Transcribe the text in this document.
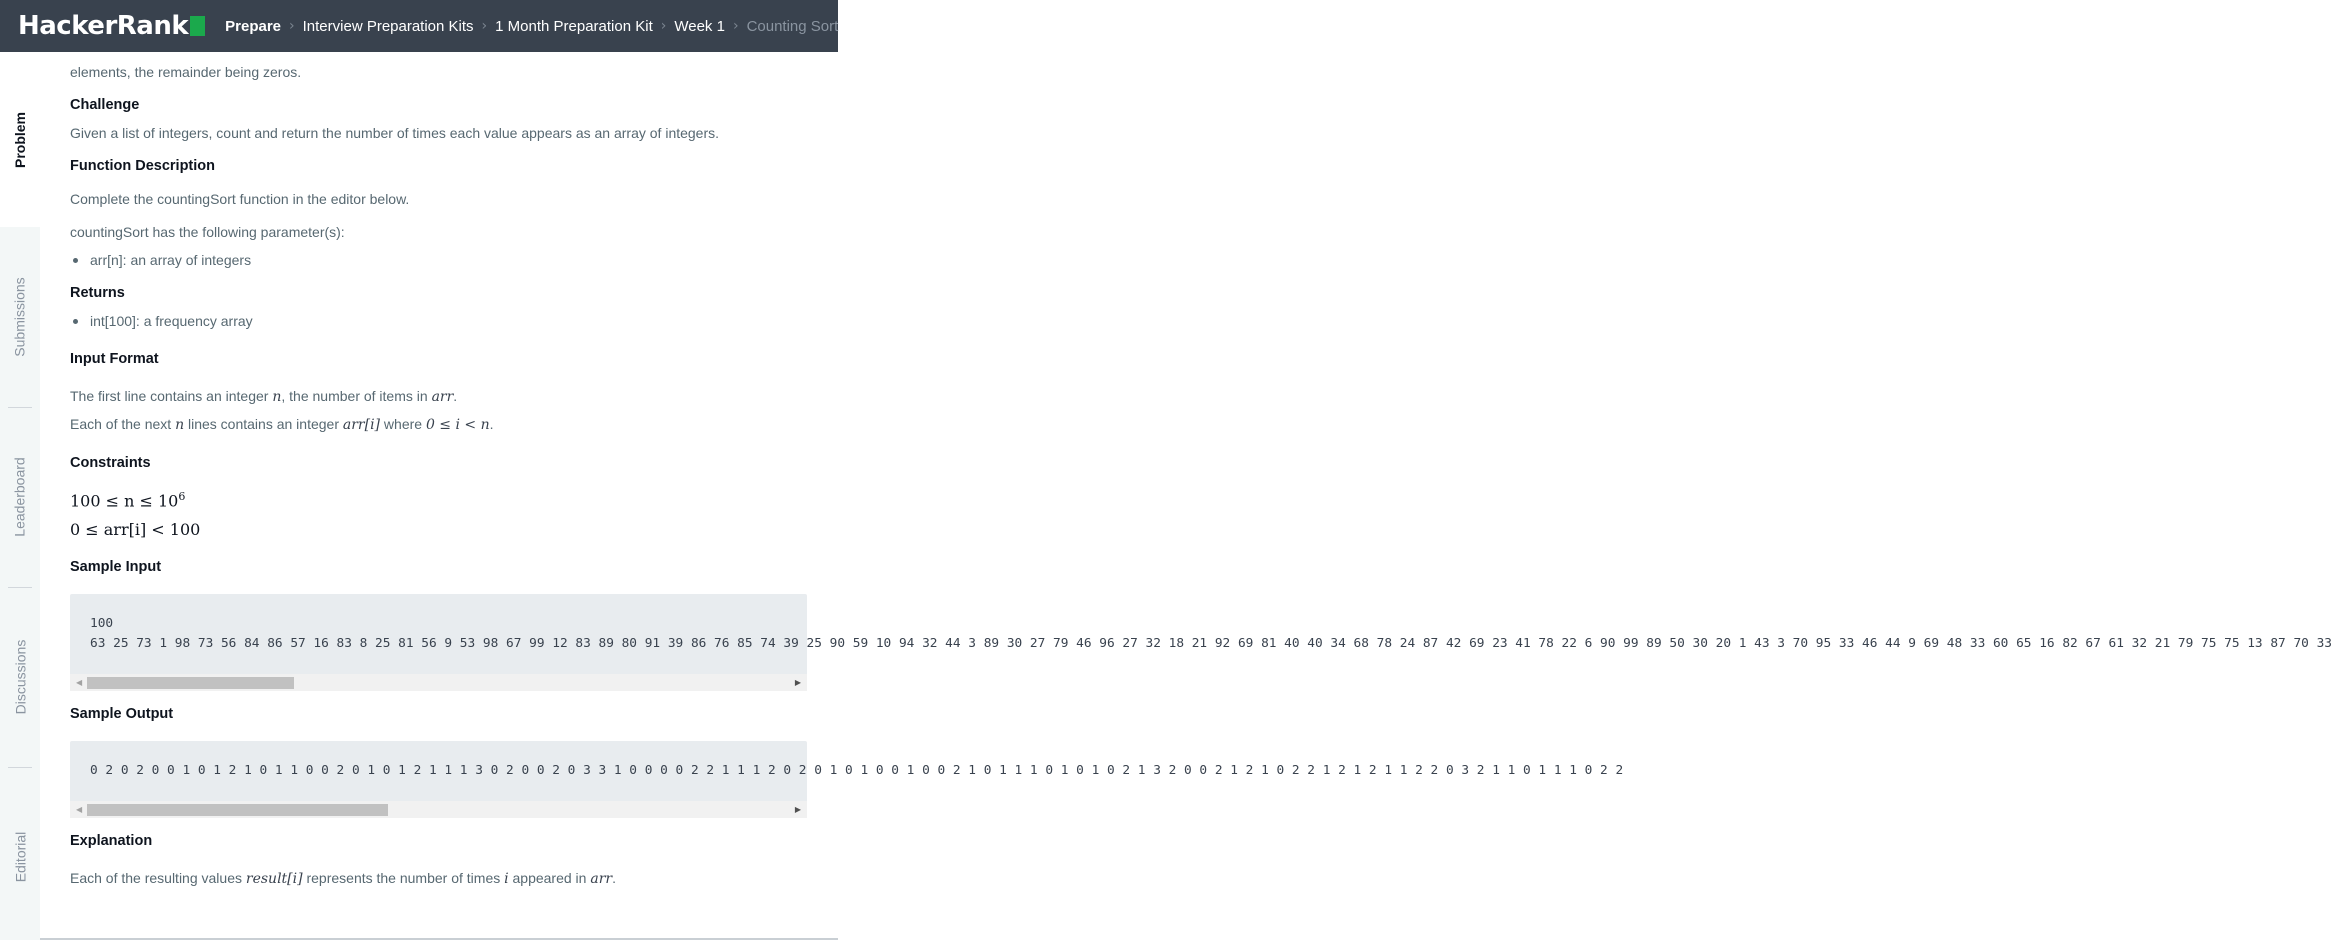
HackerRank Prepare › Interview Preparation Kits › 1 Month Preparation Kit › Week 1 › Counting Sort
Problem
Submissions
Leaderboard
Discussions
Editorial
elements, the remainder being zeros.
Challenge
Given a list of integers, count and return the number of times each value appears as an array of integers.
Function Description
Complete the countingSort function in the editor below.
countingSort has the following parameter(s):
arr[n]: an array of integers
Returns
int[100]: a frequency array
Input Format
The first line contains an integer n, the number of items in arr.
Each of the next n lines contains an integer arr[i] where 0 ≤ i < n.
Constraints
$100 \le n \le 10^6$
0 ≤ arr[i] < 100
Sample Input
100
63 25 73 1 98 73 56 84 86 57 16 83 8 25 81 56 9 53 98 67 99 12 83 89 80 91 39 86 76 85 74 39 25 90 59 10 94 32 44 3 89 30 27 79 46 96 27 32 18 21 92 69 81 40 40 34 68 78 24 87 42 69 23 41 78 22 6 90 99 89 50 30 20 1 43 3 70 95 33 46 44 9 69 48 33 60 65 16 82 67 61 32 21 79 75 75 13 87 70 33
◀	▶
Sample Output
0 2 0 2 0 0 1 0 1 2 1 0 1 1 0 0 2 0 1 0 1 2 1 1 1 3 0 2 0 0 2 0 3 3 1 0 0 0 0 2 2 1 1 1 2 0 2 0 1 0 1 0 0 1 0 0 2 1 0 1 1 1 0 1 0 1 0 2 1 3 2 0 0 2 1 2 1 0 2 2 1 2 1 2 1 1 2 2 0 3 2 1 1 0 1 1 1 0 2 2
◀	▶
Explanation
Each of the resulting values result[i] represents the number of times i appeared in arr.
